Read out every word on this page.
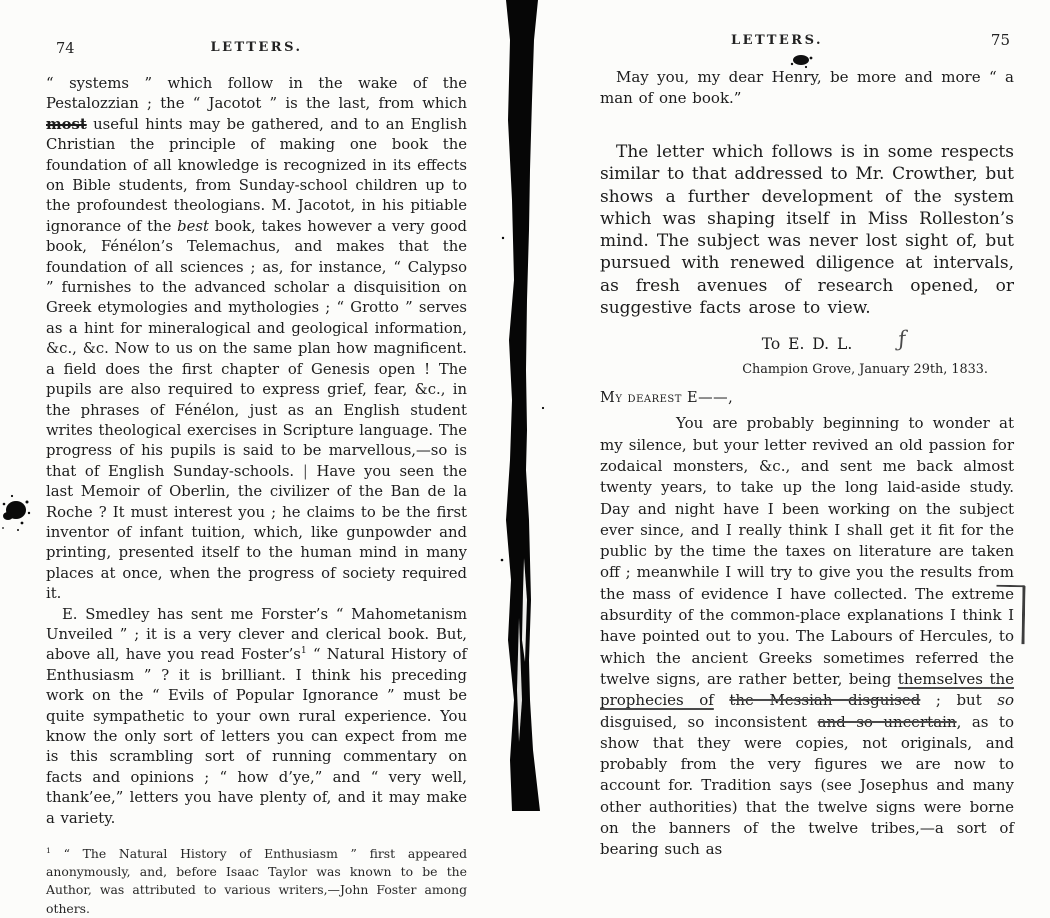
74	LETTERS.

“ systems ” which follow in the wake of the Pestalozzian ; the “ Jacotot ” is the last, from which most useful hints may be gathered, and to an English Christian the principle of making one book the foundation of all knowledge is recognized in its effects on Bible students, from Sunday-school children up to the profoundest theologians. M. Jacotot, in his pitiable ignorance of the best book, takes however a very good book, Fénélon’s Telemachus, and makes that the foundation of all sciences ; as, for instance, “ Calypso ” furnishes to the advanced scholar a disquisition on Greek etymologies and mythologies ; “ Grotto ” serves as a hint for mineralogical and geological information, &c., &c. Now to us on the same plan how magnificent. a field does the first chapter of Genesis open ! The pupils are also required to express grief, fear, &c., in the phrases of Fénélon, just as an English student writes theological exercises in Scripture language. The progress of his pupils is said to be marvellous,—so is that of English Sunday-schools. | Have you seen the last Memoir of Oberlin, the civilizer of the Ban de la Roche ? It must interest you ; he claims to be the first inventor of infant tuition, which, like gunpowder and printing, presented itself to the human mind in many places at once, when the progress of society required it.

E. Smedley has sent me Forster’s “ Mahometanism Unveiled ” ; it is a very clever and clerical book. But, above all, have you read $Foster’s^1$ “ Natural History of Enthusiasm ” ? it is brilliant. I think his preceding work on the “ Evils of Popular Ignorance ” must be quite sympathetic to your own rural experience. You know the only sort of letters you can expect from me is this scrambling sort of running commentary on facts and opinions ; “ how d’ye,” and “ very well, thank’ee,” letters you have plenty of, and it may make a variety.

$^1$ “ The Natural History of Enthusiasm ” first appeared anonymously, and, before Isaac Taylor was known to be the Author, was attributed to various writers,—John Foster among others.
LETTERS.	75

May you, my dear Henry, be more and more “ a man of one book.”

The letter which follows is in some respects similar to that addressed to Mr. Crowther, but shows a further development of the system which was shaping itself in Miss Rolleston’s mind. The subject was never lost sight of, but pursued with renewed diligence at intervals, as fresh avenues of research opened, or suggestive facts arose to view.

To E. D. L. ƒ
Champion Grove, January 29th, 1833.
My dearest E——,

You are probably beginning to wonder at my silence, but your letter revived an old passion for zodaical monsters, &c., and sent me back almost twenty years, to take up the long laid-aside study. Day and night have I been working on the subject ever since, and I really think I shall get it fit for the public by the time the taxes on literature are taken off ; meanwhile I will try to give you the results from the mass of evidence I have collected. The extreme absurdity of the common-place explanations I think I have pointed out to you. The Labours of Hercules, to which the ancient Greeks sometimes referred the twelve signs, are rather better, being themselves the prophecies of the Messiah disguised ; but so disguised, so inconsistent and so uncertain, as to show that they were copies, not originals, and probably from the very figures we are now to account for. Tradition says (see Josephus and many other authorities) that the twelve signs were borne on the banners of the twelve tribes,—a sort of bearing such as
